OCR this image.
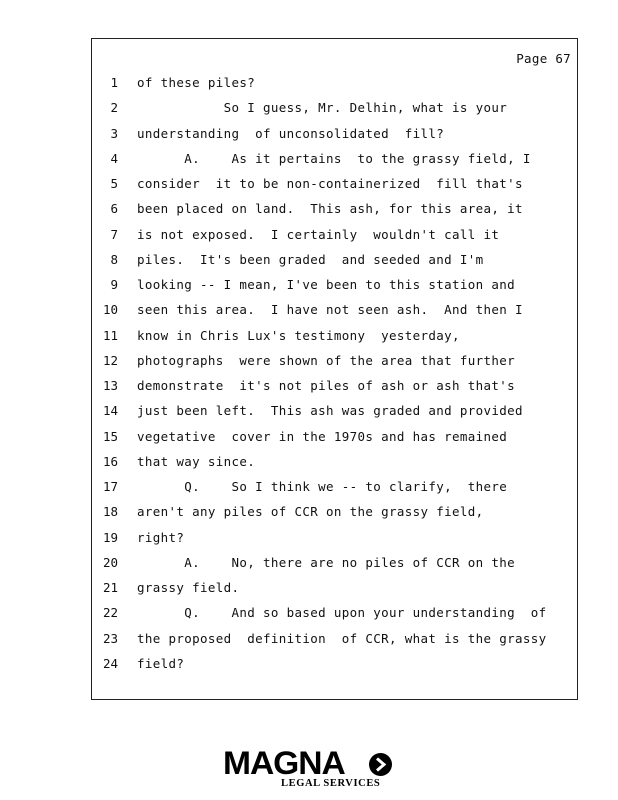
Page 67
1 of these piles?
2 So I guess, Mr. Delhin, what is your
3 understanding  of unconsolidated  fill?
4 A.    As it pertains  to the grassy field, I
5 consider  it to be non-containerized  fill that's
6 been placed on land.  This ash, for this area, it
7 is not exposed.  I certainly  wouldn't call it
8 piles.  It's been graded  and seeded and I'm
9 looking -- I mean, I've been to this station and
10 seen this area.  I have not seen ash.  And then I
11 know in Chris Lux's testimony  yesterday,
12 photographs  were shown of the area that further
13 demonstrate  it's not piles of ash or ash that's
14 just been left.  This ash was graded and provided
15 vegetative  cover in the 1970s and has remained
16 that way since.
17 Q.    So I think we -- to clarify,  there
18 aren't any piles of CCR on the grassy field,
19 right?
20 A.    No, there are no piles of CCR on the
21 grassy field.
22 Q.    And so based upon your understanding  of
23 the proposed  definition  of CCR, what is the grassy
24 field?
MAGNA
LEGAL SERVICES
